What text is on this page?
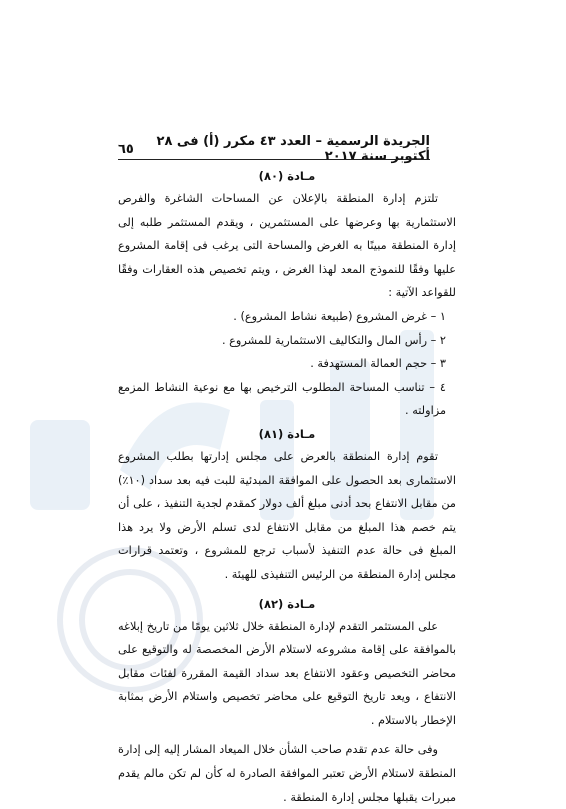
الجريدة الرسمية – العدد ٤٣ مكرر (أ) فى ٢٨ أكتوبر سنة ٢٠١٧
٦٥

مـادة (٨٠)

تلتزم إدارة المنطقة بالإعلان عن المساحات الشاغرة والفرص الاستثمارية بها وعرضها على المستثمرين ، ويقدم المستثمر طلبه إلى إدارة المنطقة مبينًا به الغرض والمساحة التى يرغب فى إقامة المشروع عليها وفقًا للنموذج المعد لهذا الغرض ، ويتم تخصيص هذه العقارات وفقًا للقواعد الآتية :

١ – غرض المشروع (طبيعة نشاط المشروع) .
٢ – رأس المال والتكاليف الاستثمارية للمشروع .
٣ – حجم العمالة المستهدفة .
٤ – تناسب المساحة المطلوب الترخيص بها مع نوعية النشاط المزمع مزاولته .

مـادة (٨١)

تقوم إدارة المنطقة بالعرض على مجلس إدارتها بطلب المشروع الاستثمارى بعد الحصول على الموافقة المبدئية للبت فيه بعد سداد (١٠٪) من مقابل الانتفاع بحد أدنى مبلغ ألف دولار كمقدم لجدية التنفيذ ، على أن يتم خصم هذا المبلغ من مقابل الانتفاع لدى تسلم الأرض ولا يرد هذا المبلغ فى حالة عدم التنفيذ لأسباب ترجع للمشروع ، وتعتمد قرارات مجلس إدارة المنطقة من الرئيس التنفيذى للهيئة .

مـادة (٨٢)

على المستثمر التقدم لإدارة المنطقة خلال ثلاثين يومًا من تاريخ إبلاغه بالموافقة على إقامة مشروعه لاستلام الأرض المخصصة له والتوقيع على محاضر التخصيص وعقود الانتفاع بعد سداد القيمة المقررة لفئات مقابل الانتفاع ، ويعد تاريخ التوقيع على محاضر تخصيص واستلام الأرض بمثابة الإخطار بالاستلام .

وفى حالة عدم تقدم صاحب الشأن خلال الميعاد المشار إليه إلى إدارة المنطقة لاستلام الأرض تعتبر الموافقة الصادرة له كأن لم تكن مالم يقدم مبررات يقبلها مجلس إدارة المنطقة .
